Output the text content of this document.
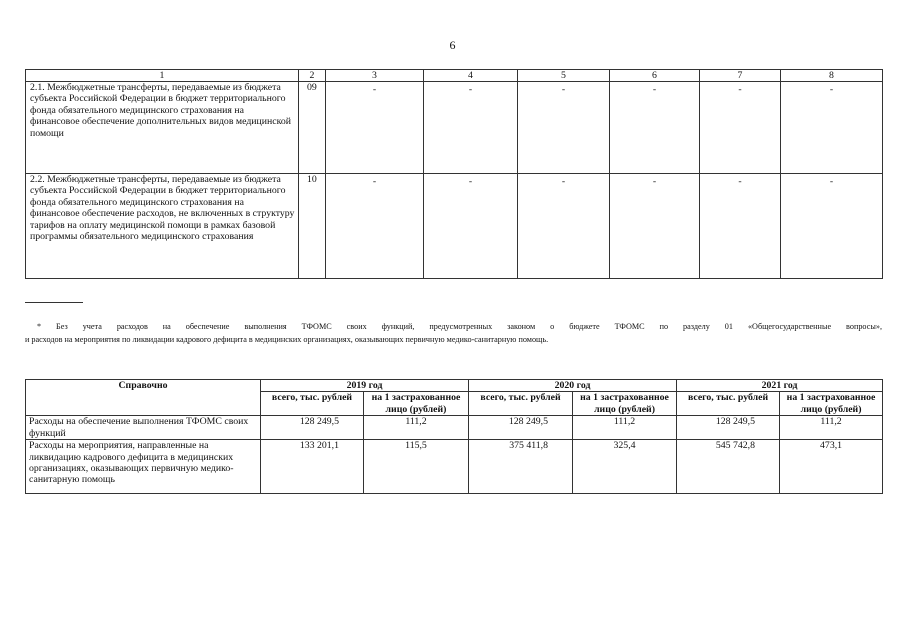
6
1	2	3	4	5	6	7	8
2.1. Межбюджетные трансферты, передаваемые из бюджета субъекта Российской Федерации в бюджет территориального фонда обязательного медицинского страхования на финансовое обеспечение дополнительных видов медицинской помощи	09	-	-	-	-	-	-
2.2. Межбюджетные трансферты, передаваемые из бюджета субъекта Российской Федерации в бюджет территориального фонда обязательного медицинского страхования на финансовое обеспечение расходов, не включенных в структуру тарифов на оплату медицинской помощи в рамках базовой программы обязательного медицинского страхования	10	-	-	-	-	-	-
* Без учета расходов на обеспечение выполнения ТФОМС своих функций, предусмотренных законом о бюджете ТФОМС по разделу 01 «Общегосударственные вопросы»,
и расходов на мероприятия по ликвидации кадрового дефицита в медицинских организациях, оказывающих первичную медико-санитарную помощь.
Справочно	2019 год		2020 год		2021 год	
	всего, тыс. рублей	на 1 застрахованное лицо (рублей)	всего, тыс. рублей	на 1 застрахованное лицо (рублей)	всего, тыс. рублей	на 1 застрахованное лицо (рублей)
Расходы на обеспечение выполнения ТФОМС своих функций	128 249,5	111,2	128 249,5	111,2	128 249,5	111,2
Расходы на мероприятия, направленные на ликвидацию кадрового дефицита в медицинских организациях, оказывающих первичную медико-санитарную помощь	133 201,1	115,5	375 411,8	325,4	545 742,8	473,1
